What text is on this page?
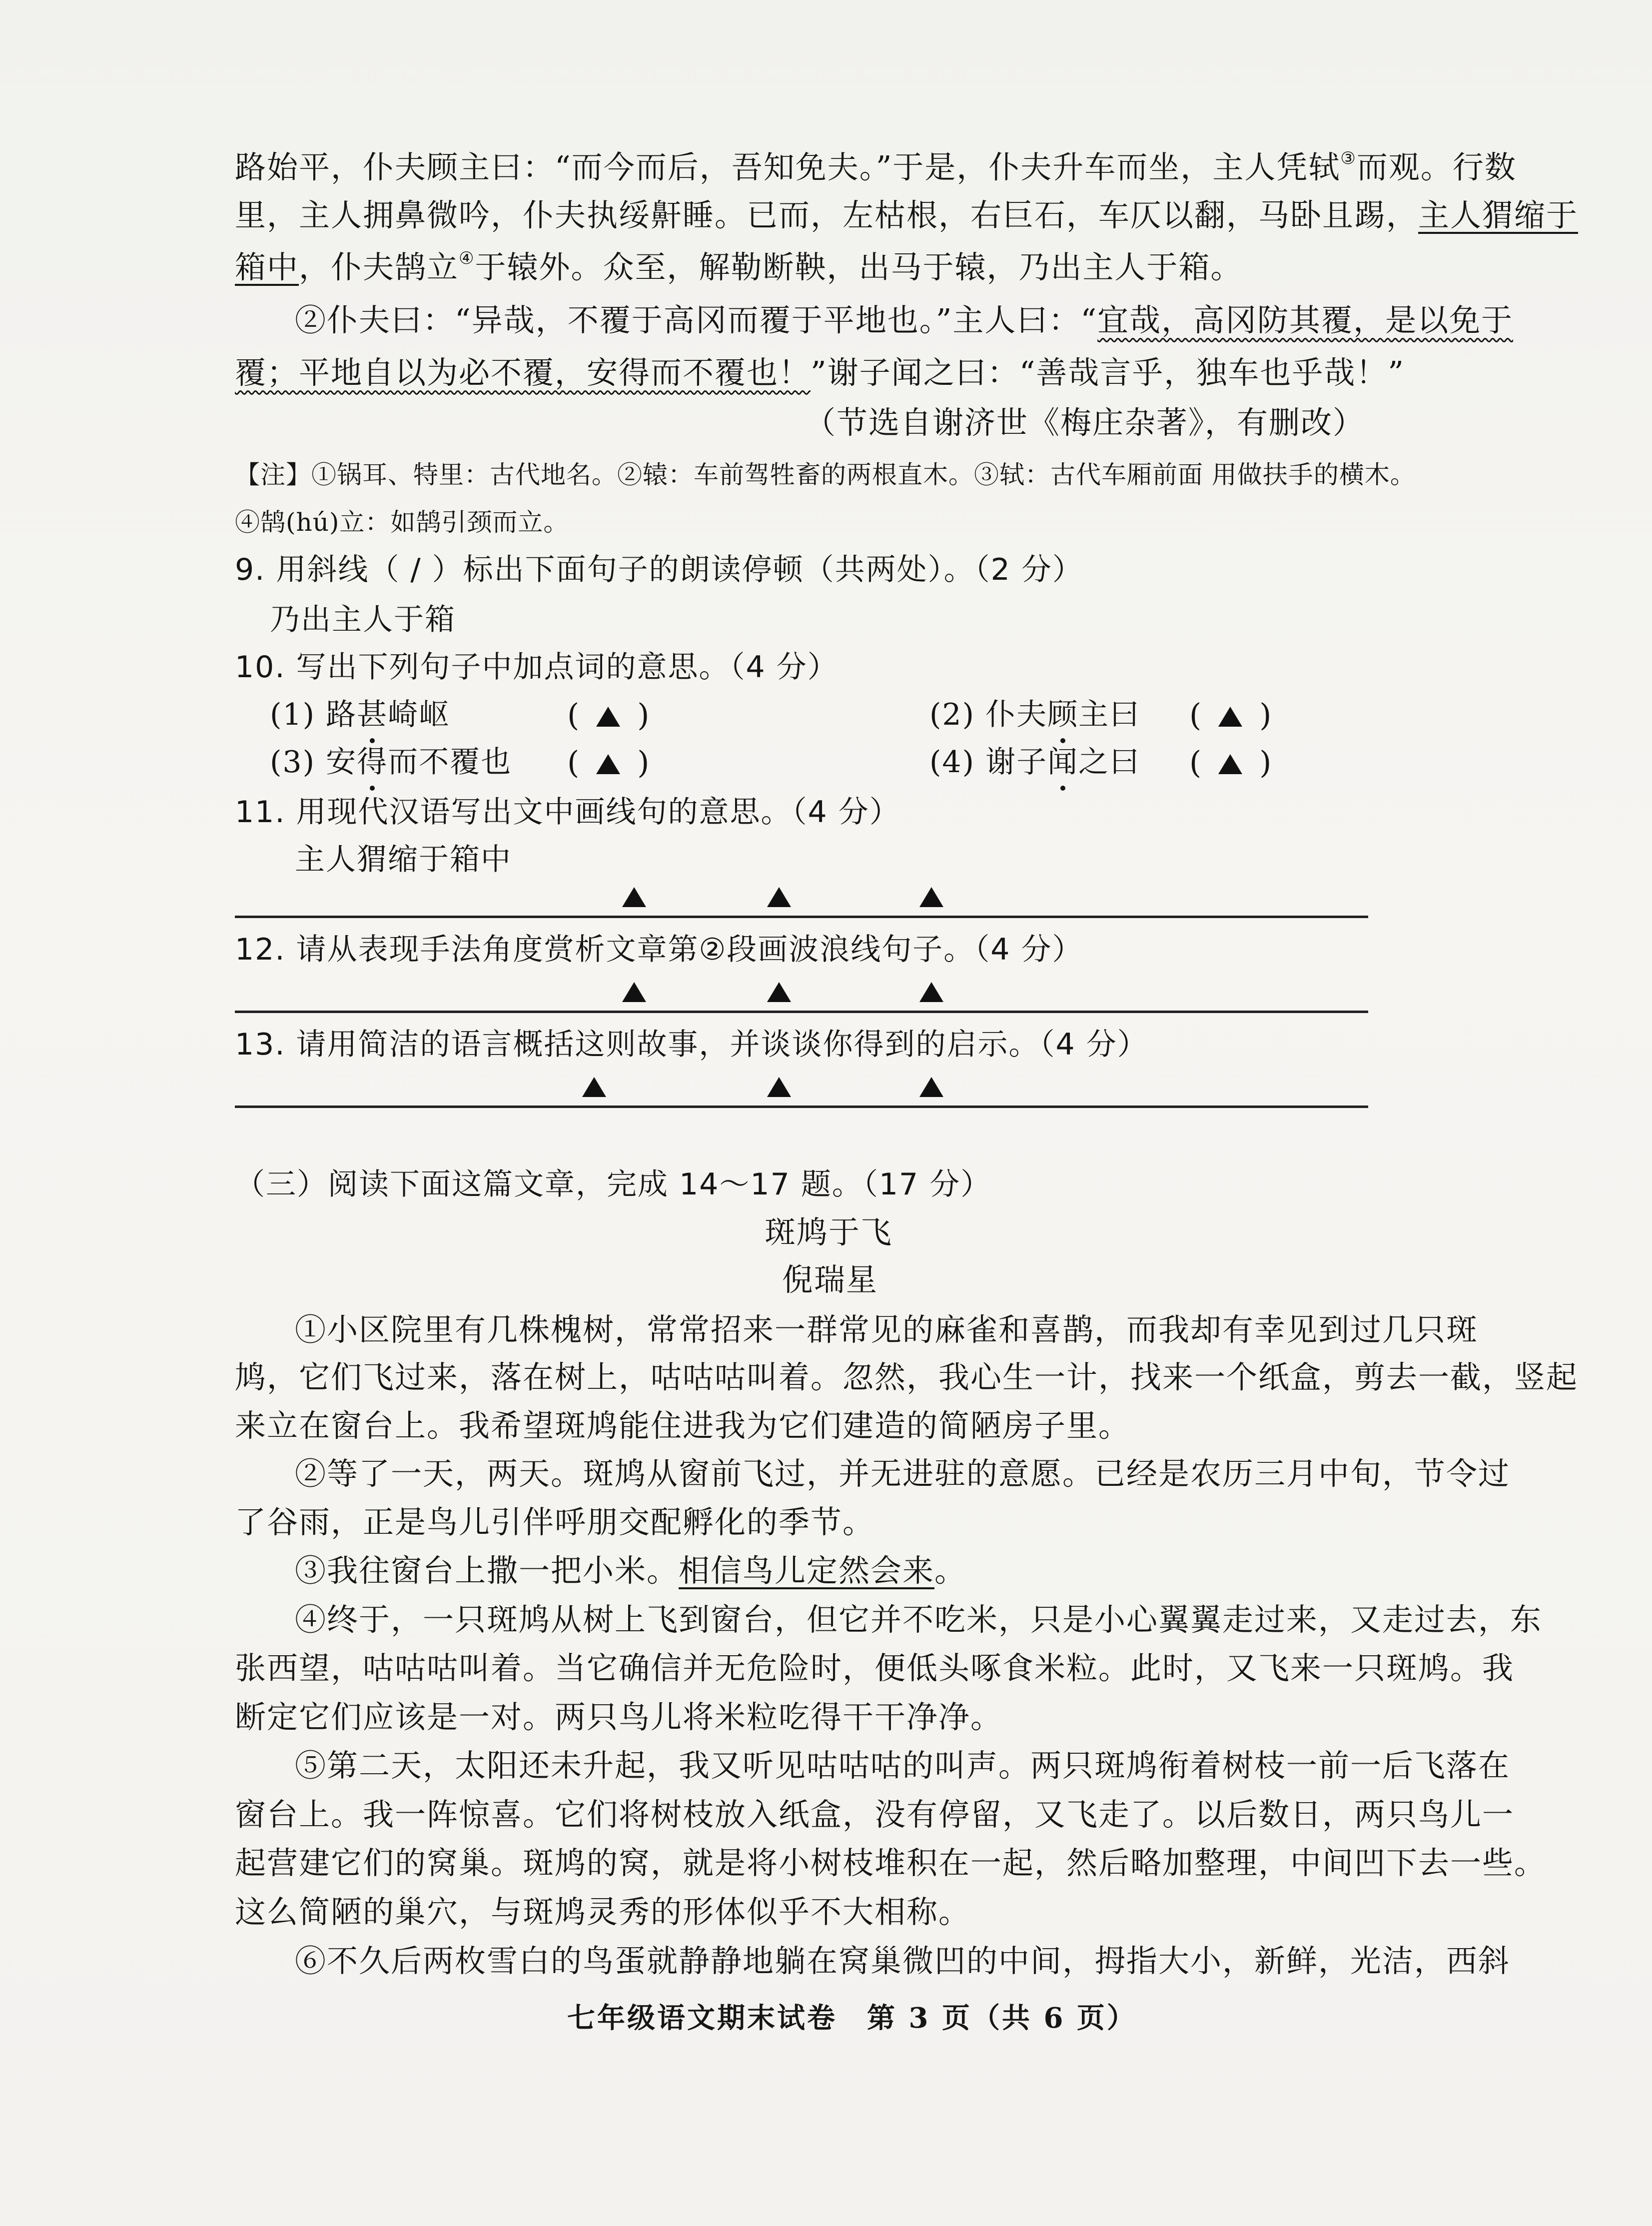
路始平，仆夫顾主曰：“而今而后，吾知免夫。”于是，仆夫升车而坐，主人凭轼③而观。行数
里，主人拥鼻微吟，仆夫执绥鼾睡。已而，左枯根，右巨石，车仄以翻，马卧且踢，主人猬缩于
箱中，仆夫鹄立④于辕外。众至，解勒断鞅，出马于辕，乃出主人于箱。
②仆夫曰：“异哉，不覆于高冈而覆于平地也。”主人曰：“宜哉，高冈防其覆，是以免于
覆；平地自以为必不覆，安得而不覆也！”谢子闻之曰：“善哉言乎，独车也乎哉！”
（节选自谢济世《梅庄杂著》，有删改）
【注】①锅耳、特里：古代地名。②辕：车前驾牲畜的两根直木。③轼：古代车厢前面 用做扶手的横木。
④鹄(hú)立：如鹄引颈而立。
9. 用斜线（ / ）标出下面句子的朗读停顿（共两处）。（2 分）
乃出主人于箱
10. 写出下列句子中加点词的意思。（4 分）
(1) 路甚崎岖	( )	(2) 仆夫顾主曰 ( )
(3) 安得而不覆也 ( )	(4) 谢子闻之曰 ( )
11. 用现代汉语写出文中画线句的意思。（4 分）
主人猬缩于箱中
12. 请从表现手法角度赏析文章第②段画波浪线句子。（4 分）
13. 请用简洁的语言概括这则故事，并谈谈你得到的启示。（4 分）
（三）阅读下面这篇文章，完成 14～17 题。（17 分）
斑鸠于飞
倪瑞星
①小区院里有几株槐树，常常招来一群常见的麻雀和喜鹊，而我却有幸见到过几只斑
鸠，它们飞过来，落在树上，咕咕咕叫着。忽然，我心生一计，找来一个纸盒，剪去一截，竖起
来立在窗台上。我希望斑鸠能住进我为它们建造的简陋房子里。
②等了一天，两天。斑鸠从窗前飞过，并无进驻的意愿。已经是农历三月中旬，节令过
了谷雨，正是鸟儿引伴呼朋交配孵化的季节。
③我往窗台上撒一把小米。相信鸟儿定然会来。
④终于，一只斑鸠从树上飞到窗台，但它并不吃米，只是小心翼翼走过来，又走过去，东
张西望，咕咕咕叫着。当它确信并无危险时，便低头啄食米粒。此时，又飞来一只斑鸠。我
断定它们应该是一对。两只鸟儿将米粒吃得干干净净。
⑤第二天，太阳还未升起，我又听见咕咕咕的叫声。两只斑鸠衔着树枝一前一后飞落在
窗台上。我一阵惊喜。它们将树枝放入纸盒，没有停留，又飞走了。以后数日，两只鸟儿一
起营建它们的窝巢。斑鸠的窝，就是将小树枝堆积在一起，然后略加整理，中间凹下去一些。
这么简陋的巢穴，与斑鸠灵秀的形体似乎不大相称。
⑥不久后两枚雪白的鸟蛋就静静地躺在窝巢微凹的中间，拇指大小，新鲜，光洁，西斜
七年级语文期末试卷　第 3 页（共 6 页）
